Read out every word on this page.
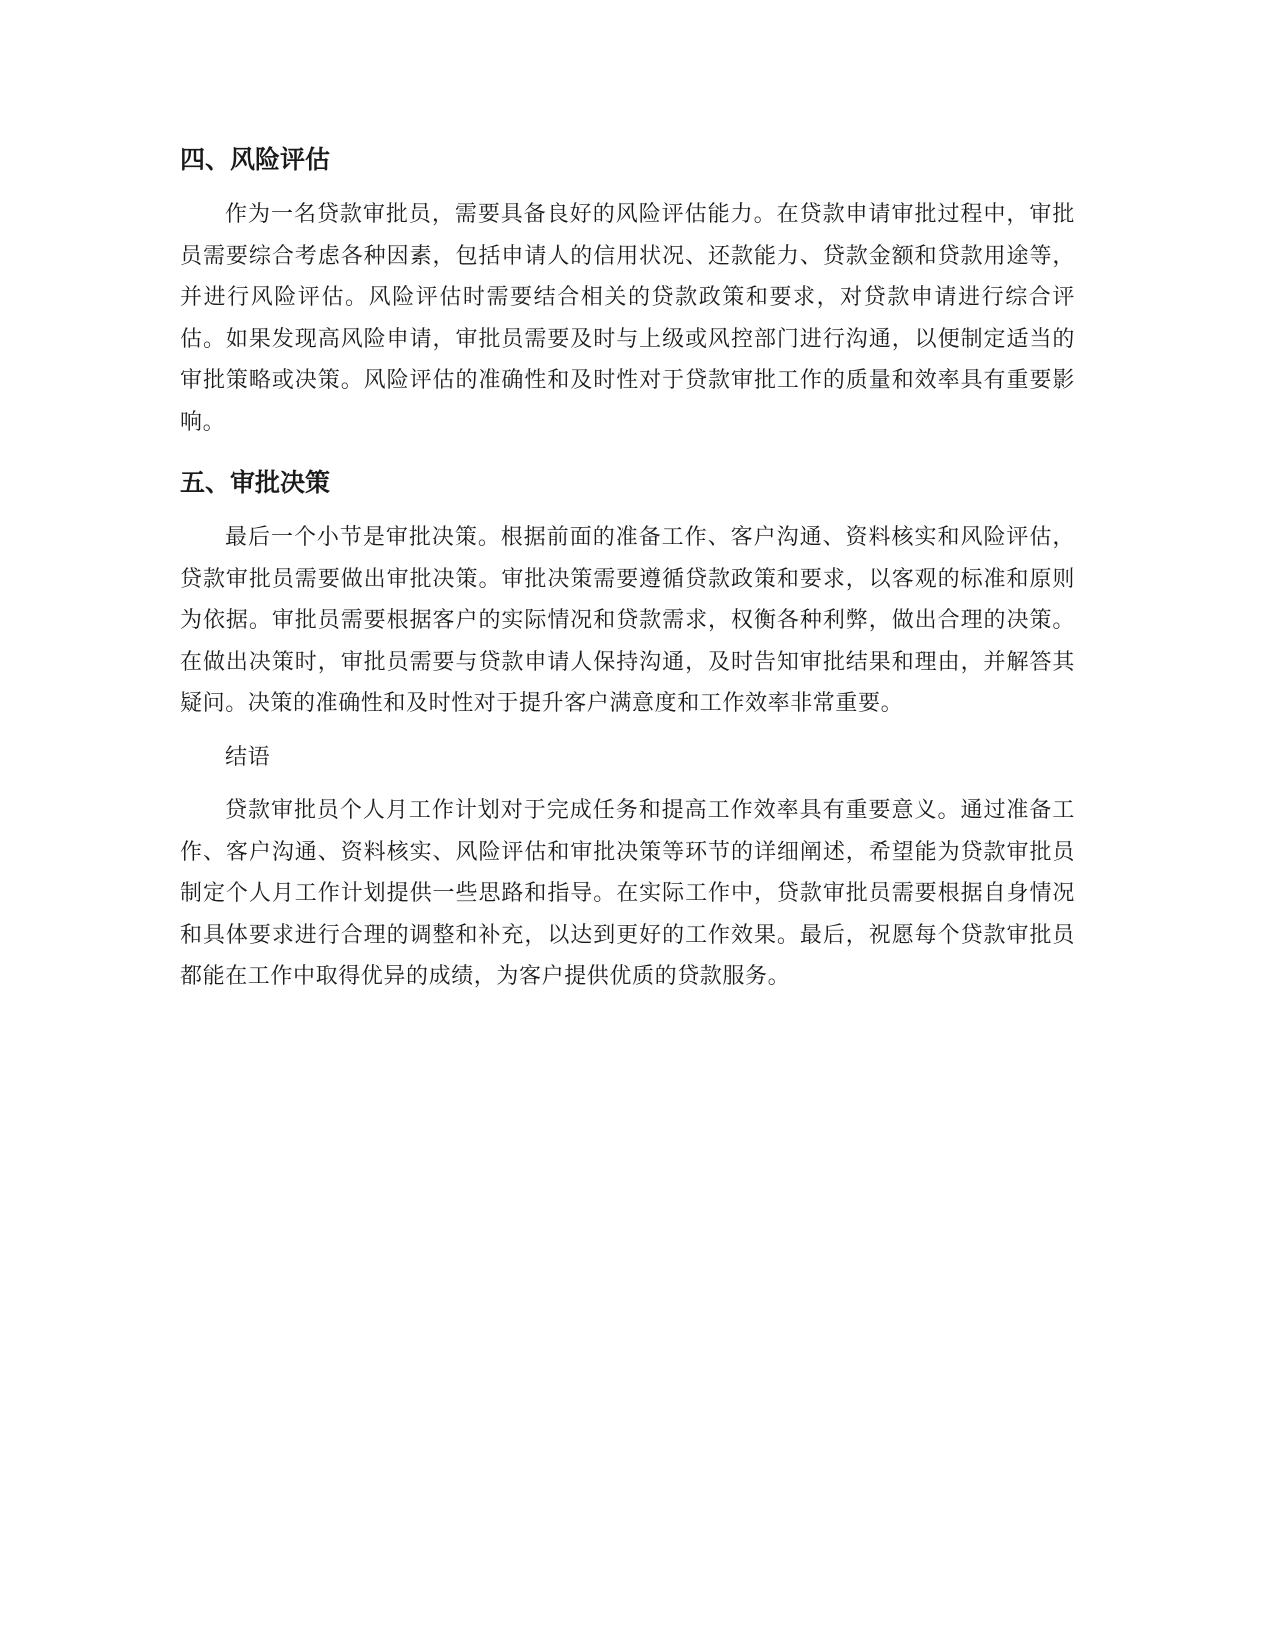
四、风险评估

作为一名贷款审批员，需要具备良好的风险评估能力。在贷款申请审批过程中，审批员需要综合考虑各种因素，包括申请人的信用状况、还款能力、贷款金额和贷款用途等，并进行风险评估。风险评估时需要结合相关的贷款政策和要求，对贷款申请进行综合评估。如果发现高风险申请，审批员需要及时与上级或风控部门进行沟通，以便制定适当的审批策略或决策。风险评估的准确性和及时性对于贷款审批工作的质量和效率具有重要影响。

五、审批决策

最后一个小节是审批决策。根据前面的准备工作、客户沟通、资料核实和风险评估，贷款审批员需要做出审批决策。审批决策需要遵循贷款政策和要求，以客观的标准和原则为依据。审批员需要根据客户的实际情况和贷款需求，权衡各种利弊，做出合理的决策。在做出决策时，审批员需要与贷款申请人保持沟通，及时告知审批结果和理由，并解答其疑问。决策的准确性和及时性对于提升客户满意度和工作效率非常重要。

结语

贷款审批员个人月工作计划对于完成任务和提高工作效率具有重要意义。通过准备工作、客户沟通、资料核实、风险评估和审批决策等环节的详细阐述，希望能为贷款审批员制定个人月工作计划提供一些思路和指导。在实际工作中，贷款审批员需要根据自身情况和具体要求进行合理的调整和补充，以达到更好的工作效果。最后，祝愿每个贷款审批员都能在工作中取得优异的成绩，为客户提供优质的贷款服务。
